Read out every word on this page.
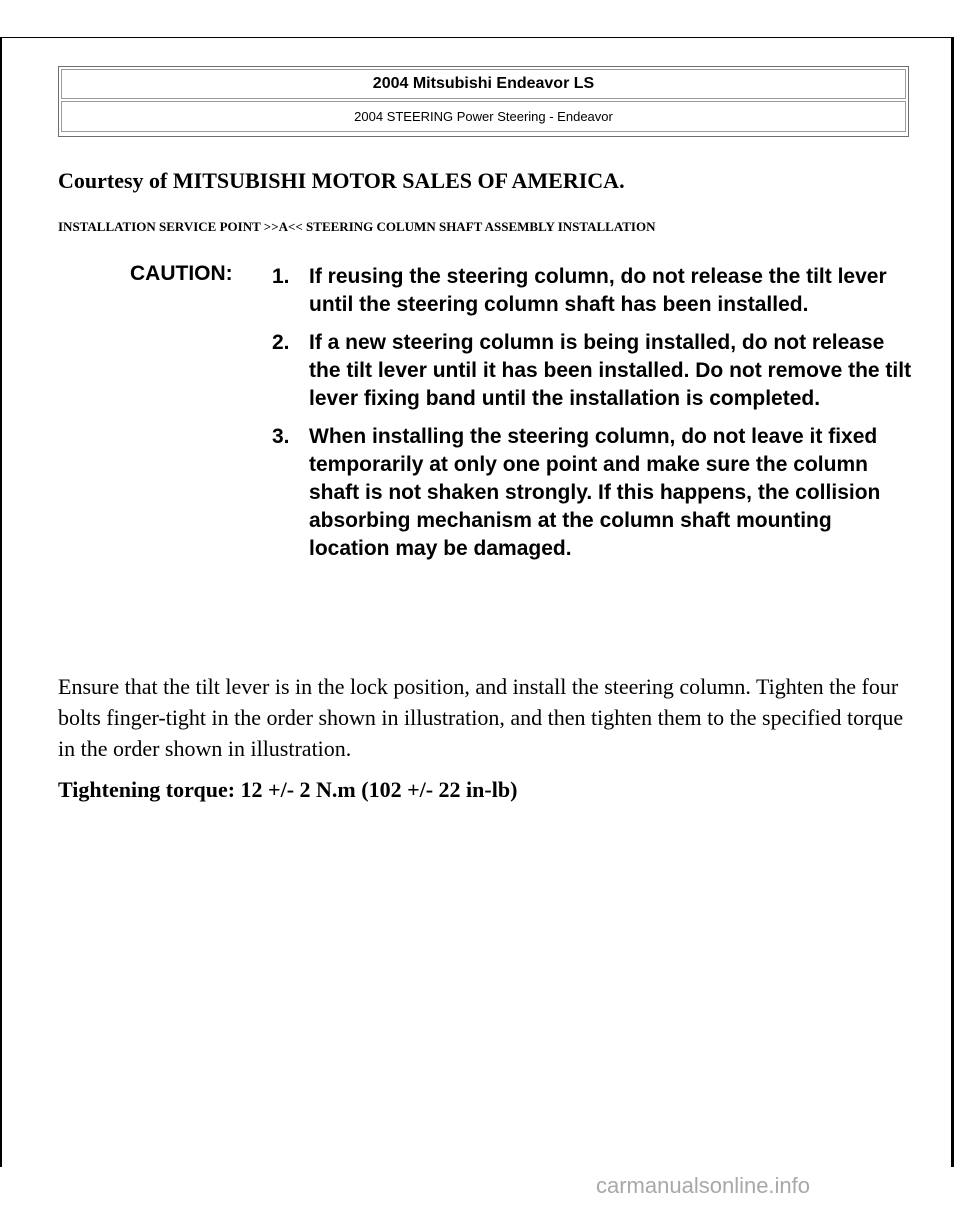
2004 Mitsubishi Endeavor LS
2004 STEERING Power Steering - Endeavor
Courtesy of MITSUBISHI MOTOR SALES OF AMERICA.
INSTALLATION SERVICE POINT >>A<< STEERING COLUMN SHAFT ASSEMBLY INSTALLATION
CAUTION: 1. If reusing the steering column, do not release the tilt lever until the steering column shaft has been installed.
2. If a new steering column is being installed, do not release the tilt lever until it has been installed. Do not remove the tilt lever fixing band until the installation is completed.
3. When installing the steering column, do not leave it fixed temporarily at only one point and make sure the column shaft is not shaken strongly. If this happens, the collision absorbing mechanism at the column shaft mounting location may be damaged.

Ensure that the tilt lever is in the lock position, and install the steering column. Tighten the four bolts finger-tight in the order shown in illustration, and then tighten them to the specified torque in the order shown in illustration.

Tightening torque: 12 +/- 2 N.m (102 +/- 22 in-lb)
carmanualsonline.info
